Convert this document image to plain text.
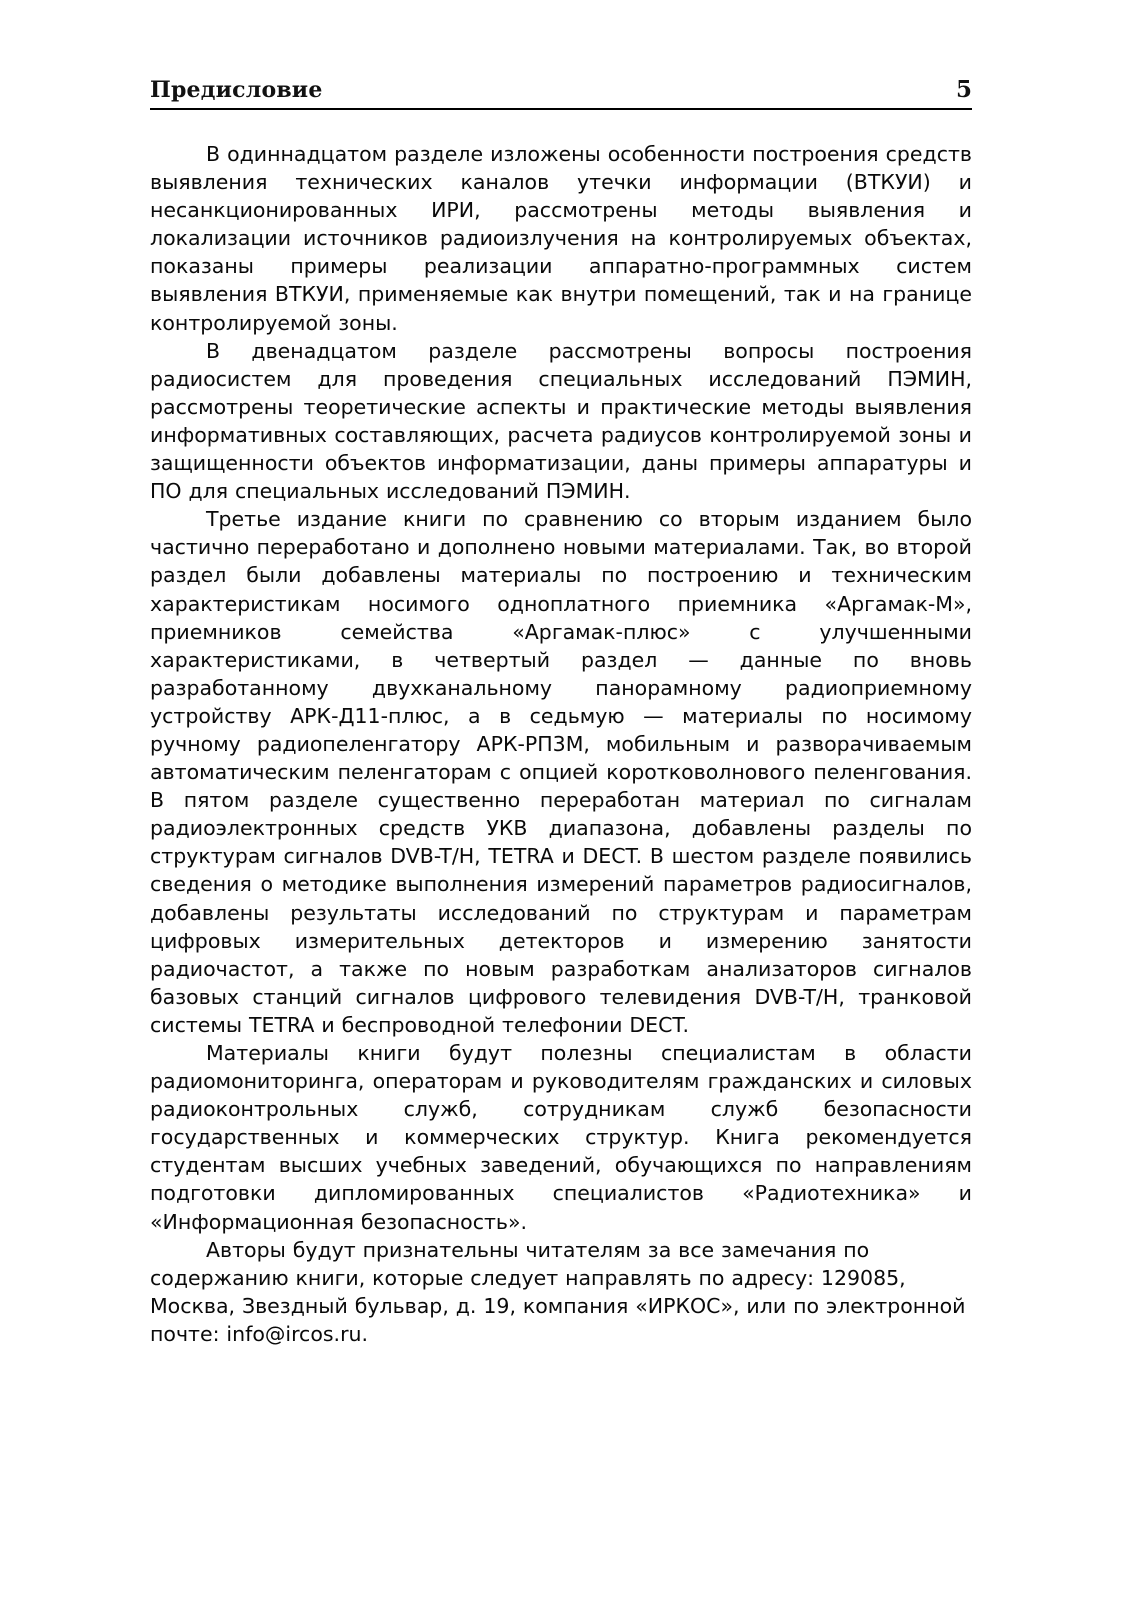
Предисловие	5

В одиннадцатом разделе изложены особенности построения средств выявления технических каналов утечки информации (ВТКУИ) и несанкционированных ИРИ, рассмотрены методы выявления и локализации источников радиоизлучения на контролируемых объектах, показаны примеры реализации аппаратно-программных систем выявления ВТКУИ, применяемые как внутри помещений, так и на границе контролируемой зоны.

В двенадцатом разделе рассмотрены вопросы построения радиосистем для проведения специальных исследований ПЭМИН, рассмотрены теоретические аспекты и практические методы выявления информативных составляющих, расчета радиусов контролируемой зоны и защищенности объектов информатизации, даны примеры аппаратуры и ПО для специальных исследований ПЭМИН.

Третье издание книги по сравнению со вторым изданием было частично переработано и дополнено новыми материалами. Так, во второй раздел были добавлены материалы по построению и техническим характеристикам носимого одноплатного приемника «Аргамак-М», приемников семейства «Аргамак-плюс» с улучшенными характеристиками, в четвертый раздел — данные по вновь разработанному двухканальному панорамному радиоприемному устройству АРК-Д11-плюс, а в седьмую — материалы по носимому ручному радиопеленгатору АРК-РП3М, мобильным и разворачиваемым автоматическим пеленгаторам с опцией коротковолнового пеленгования. В пятом разделе существенно переработан материал по сигналам радиоэлектронных средств УКВ диапазона, добавлены разделы по структурам сигналов DVB-T/H, TETRA и DECT. В шестом разделе появились сведения о методике выполнения измерений параметров радиосигналов, добавлены результаты исследований по структурам и параметрам цифровых измерительных детекторов и измерению занятости радиочастот, а также по новым разработкам анализаторов сигналов базовых станций сигналов цифрового телевидения DVB-T/H, транковой системы TETRA и беспроводной телефонии DECT.

Материалы книги будут полезны специалистам в области радиомониторинга, операторам и руководителям гражданских и силовых радиоконтрольных служб, сотрудникам служб безопасности государственных и коммерческих структур. Книга рекомендуется студентам высших учебных заведений, обучающихся по направлениям подготовки дипломированных специалистов «Радиотехника» и «Информационная безопасность».

Авторы будут признательны читателям за все замечания по содержанию книги, которые следует направлять по адресу: 129085, Москва, Звездный бульвар, д. 19, компания «ИРКОС», или по электронной почте: info@ircos.ru.
